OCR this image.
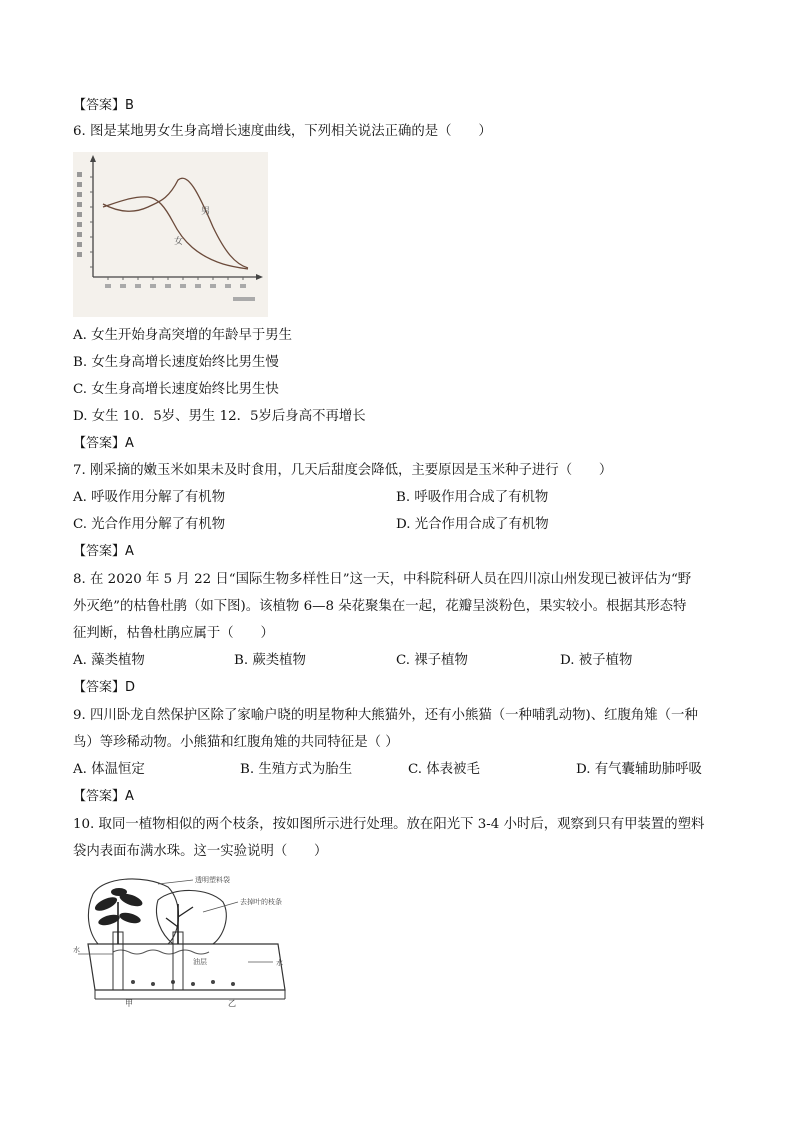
【答案】B
6. 图是某地男女生身高增长速度曲线，下列相关说法正确的是（　　）
男
女
A. 女生开始身高突增的年龄早于男生
B. 女生身高增长速度始终比男生慢
C. 女生身高增长速度始终比男生快
D. 女生 10．5岁、男生 12．5岁后身高不再增长
【答案】A
7. 刚采摘的嫩玉米如果未及时食用，几天后甜度会降低，主要原因是玉米种子进行（　　）
A. 呼吸作用分解了有机物	B. 呼吸作用合成了有机物
C. 光合作用分解了有机物	D. 光合作用合成了有机物
【答案】A
8. 在 2020 年 5 月 22 日“国际生物多样性日”这一天，中科院科研人员在四川凉山州发现已被评估为“野
外灭绝”的枯鲁杜鹃（如下图)。该植物 6—8 朵花聚集在一起，花瓣呈淡粉色，果实较小。根据其形态特
征判断，枯鲁杜鹃应属于（　　）
A. 藻类植物	B. 蕨类植物	C. 裸子植物	D. 被子植物
【答案】D
9. 四川卧龙自然保护区除了家喻户晓的明星物种大熊猫外，还有小熊猫（一种哺乳动物)、红腹角雉（一种
鸟）等珍稀动物。小熊猫和红腹角雉的共同特征是（ ）
A. 体温恒定	B. 生殖方式为胎生	C. 体表被毛	D. 有气囊辅助肺呼吸
【答案】A
10. 取同一植物相似的两个枝条，按如图所示进行处理。放在阳光下 3-4 小时后，观察到只有甲装置的塑料
袋内表面布满水珠。这一实验说明（　　）
透明塑料袋
去掉叶的枝条
水
水
油层
甲	乙
